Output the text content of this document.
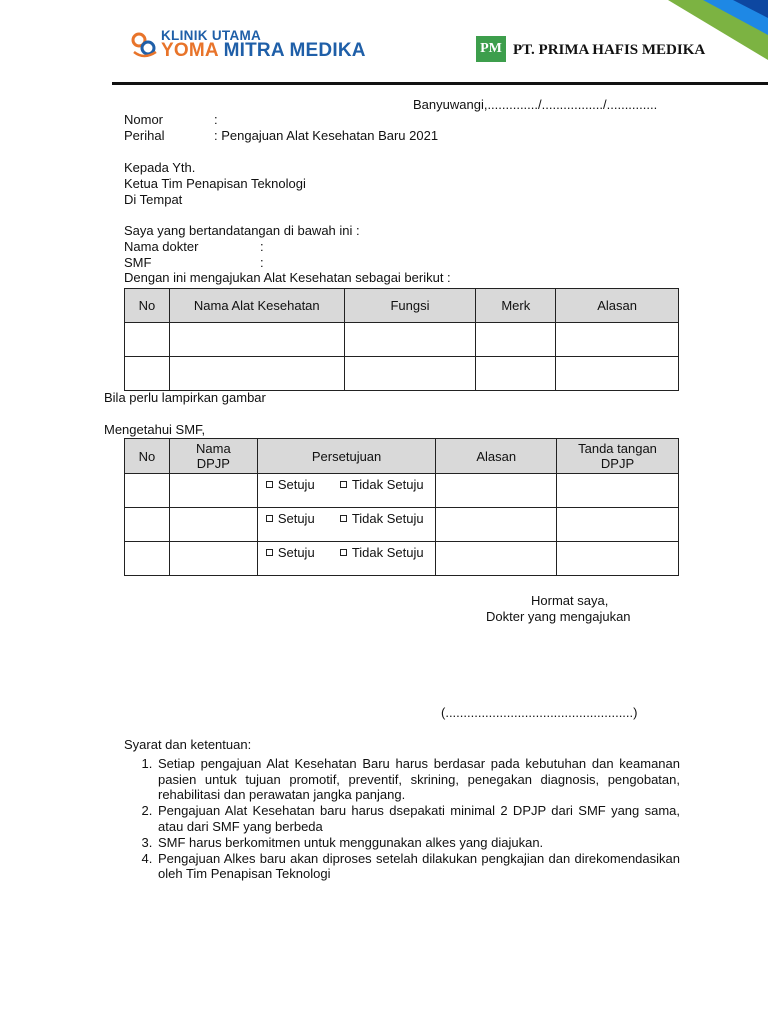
KLINIK UTAMA
YOMA MITRA MEDIKA	PM PT. PRIMA HAFIS MEDIKA
Banyuwangi,............../................./..............
Nomor	:
Perihal	: Pengajuan Alat Kesehatan Baru 2021
Kepada Yth.
Ketua Tim Penapisan Teknologi
Di Tempat
Saya yang bertandatangan di bawah ini :
Nama dokter	:
SMF	:
Dengan ini mengajukan Alat Kesehatan sebagai berikut :
No	Nama Alat Kesehatan	Fungsi	Merk	Alasan

Bila perlu lampirkan gambar
Mengetahui SMF,
No	Nama DPJP	Persetujuan	Alasan	Tanda tangan DPJP

		Setuju Tidak Setuju		

		Setuju Tidak Setuju		

		Setuju Tidak Setuju		

Hormat saya,
Dokter yang mengajukan
(....................................................)
Syarat dan ketentuan:
1. Setiap pengajuan Alat Kesehatan Baru harus berdasar pada kebutuhan dan keamanan pasien untuk tujuan promotif, preventif, skrining, penegakan diagnosis, pengobatan, rehabilitasi dan perawatan jangka panjang.
2. Pengajuan Alat Kesehatan baru harus dsepakati minimal 2 DPJP dari SMF yang sama, atau dari SMF yang berbeda
3. SMF harus berkomitmen untuk menggunakan alkes yang diajukan.
4. Pengajuan Alkes baru akan diproses setelah dilakukan pengkajian dan direkomendasikan oleh Tim Penapisan Teknologi
